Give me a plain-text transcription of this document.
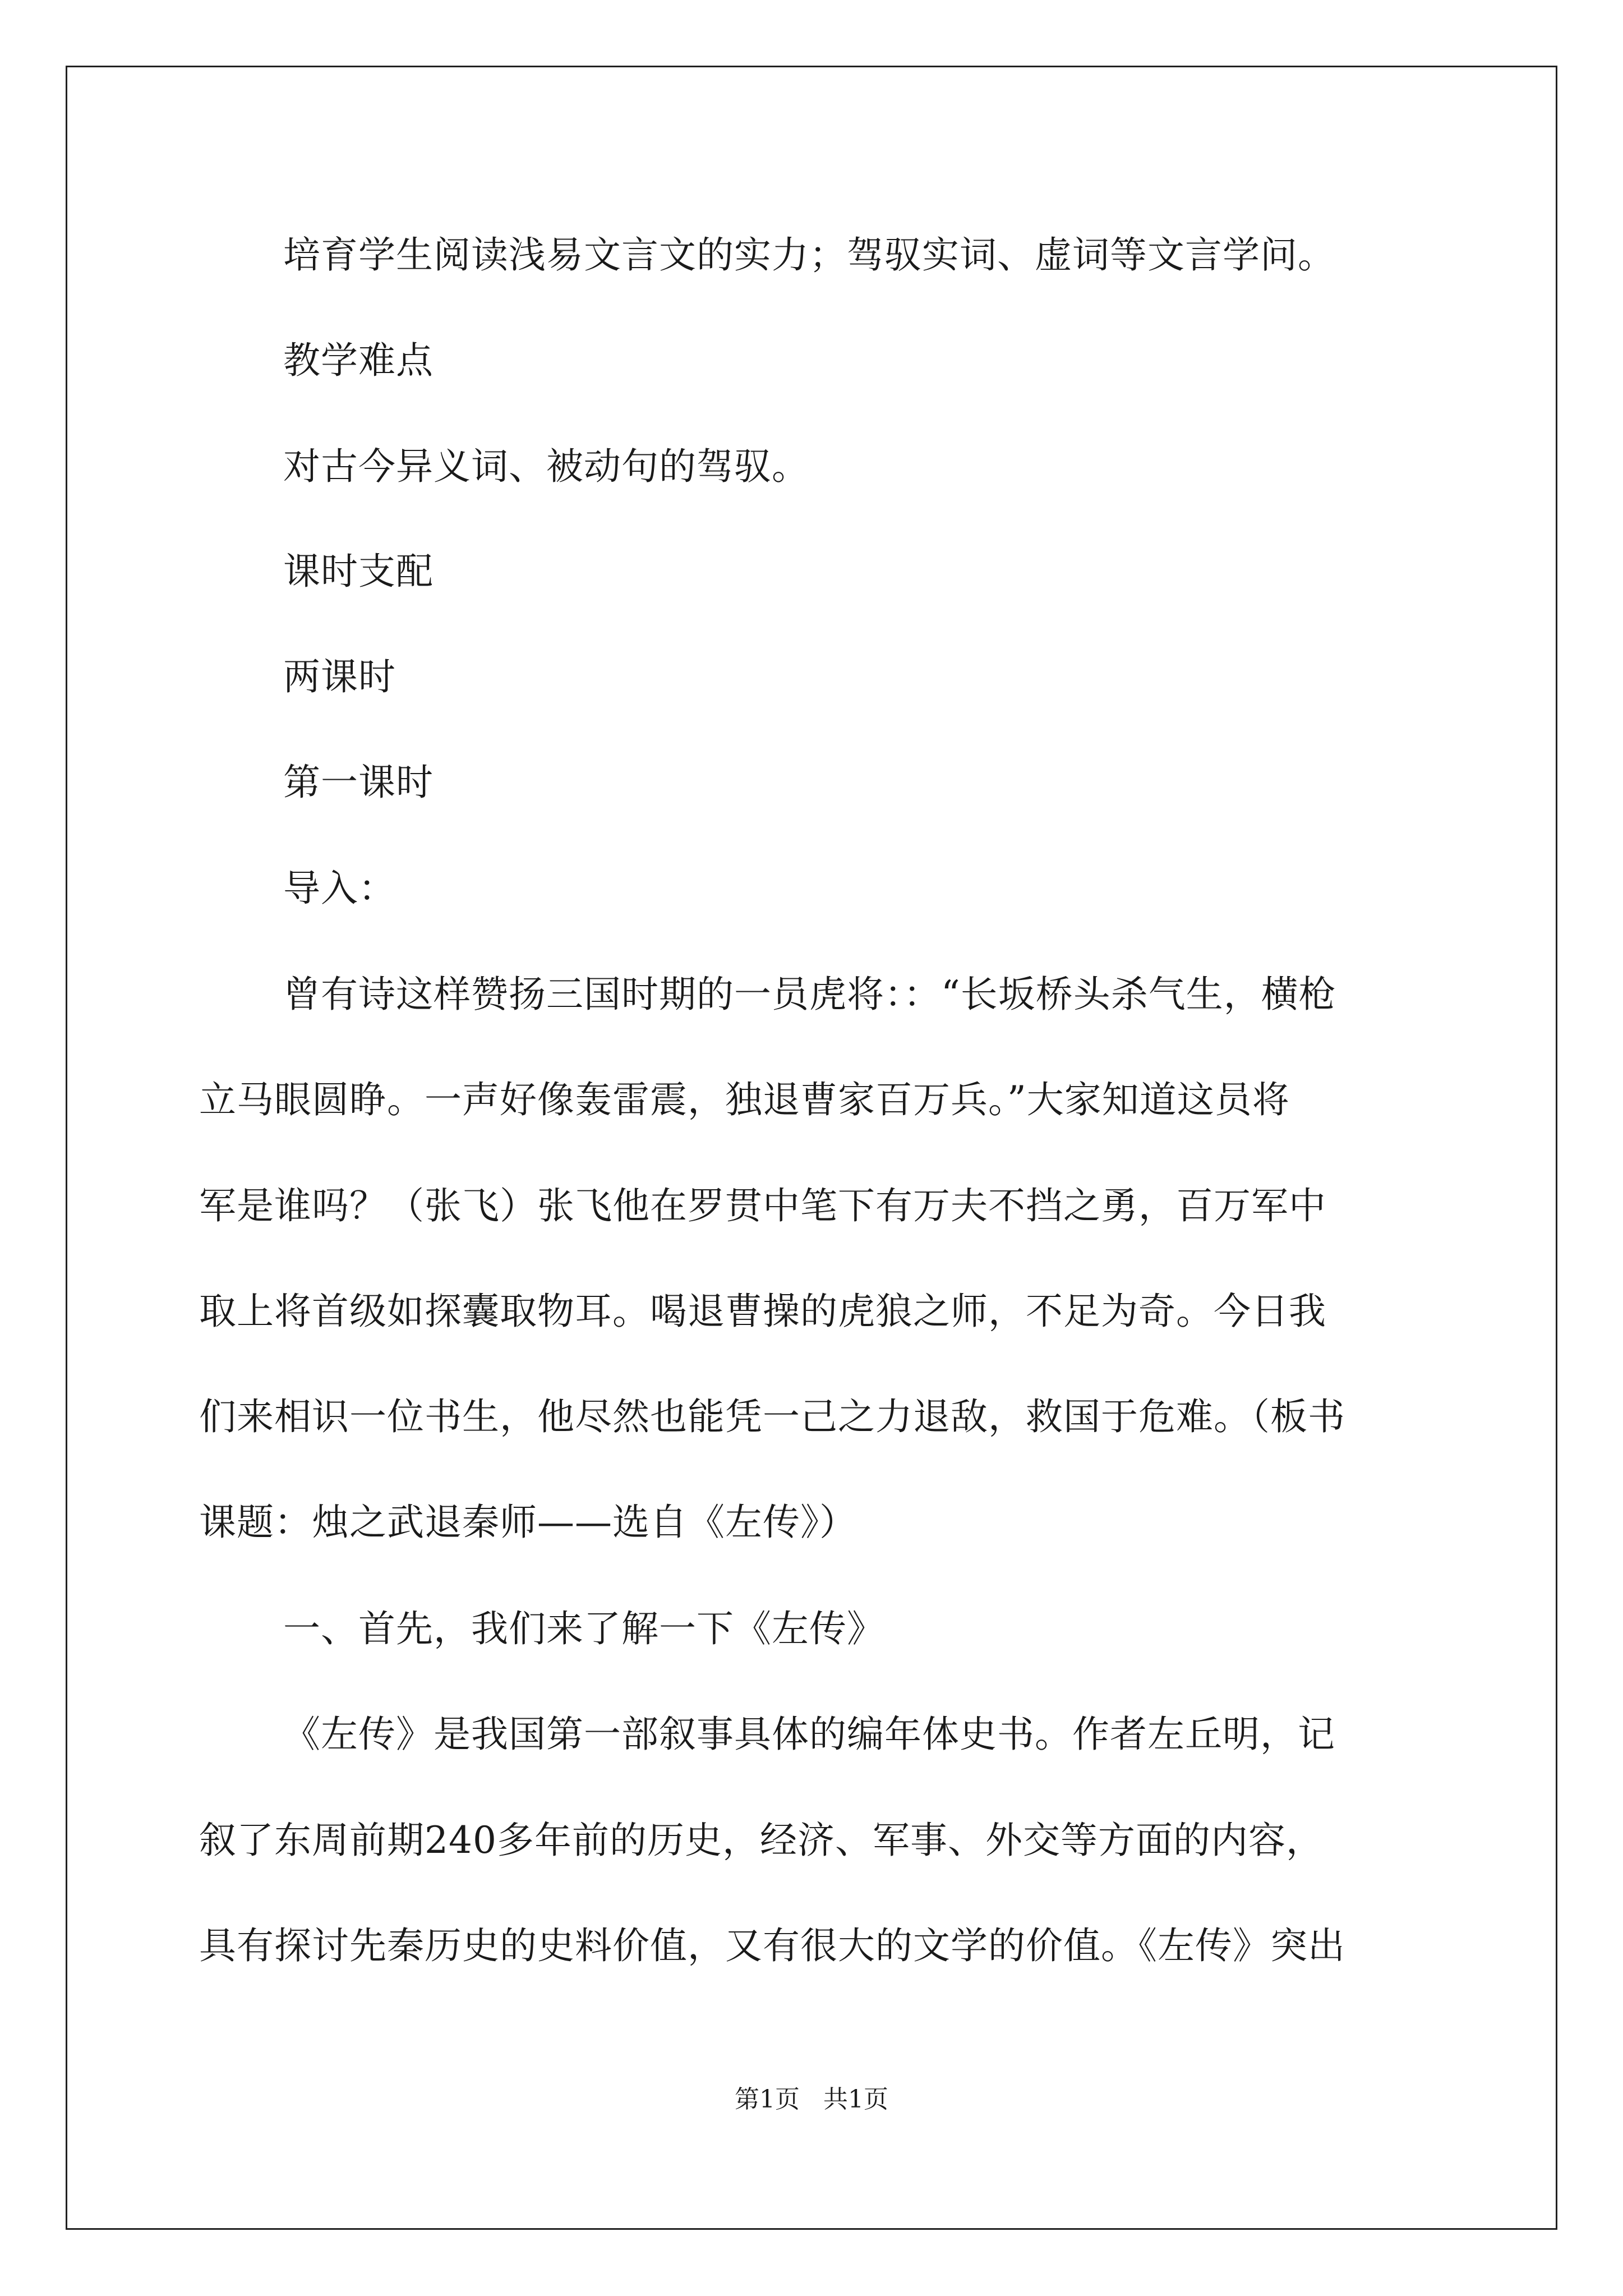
培育学生阅读浅易文言文的实力；驾驭实词、虚词等文言学问。
教学难点
对古今异义词、被动句的驾驭。
课时支配
两课时
第一课时
导入：
曾有诗这样赞扬三国时期的一员虎将：：“长坂桥头杀气生，横枪
立马眼圆睁。一声好像轰雷震，独退曹家百万兵。”大家知道这员将
军是谁吗？（张飞）张飞他在罗贯中笔下有万夫不挡之勇，百万军中
取上将首级如探囊取物耳。喝退曹操的虎狼之师，不足为奇。今日我
们来相识一位书生，他尽然也能凭一己之力退敌，救国于危难。（板书
课题：烛之武退秦师——选自《左传》）
一、首先，我们来了解一下《左传》
《左传》是我国第一部叙事具体的编年体史书。作者左丘明，记
叙了东周前期240多年前的历史，经济、军事、外交等方面的内容，
具有探讨先秦历史的史料价值，又有很大的文学的价值。《左传》突出
第1页   共1页
